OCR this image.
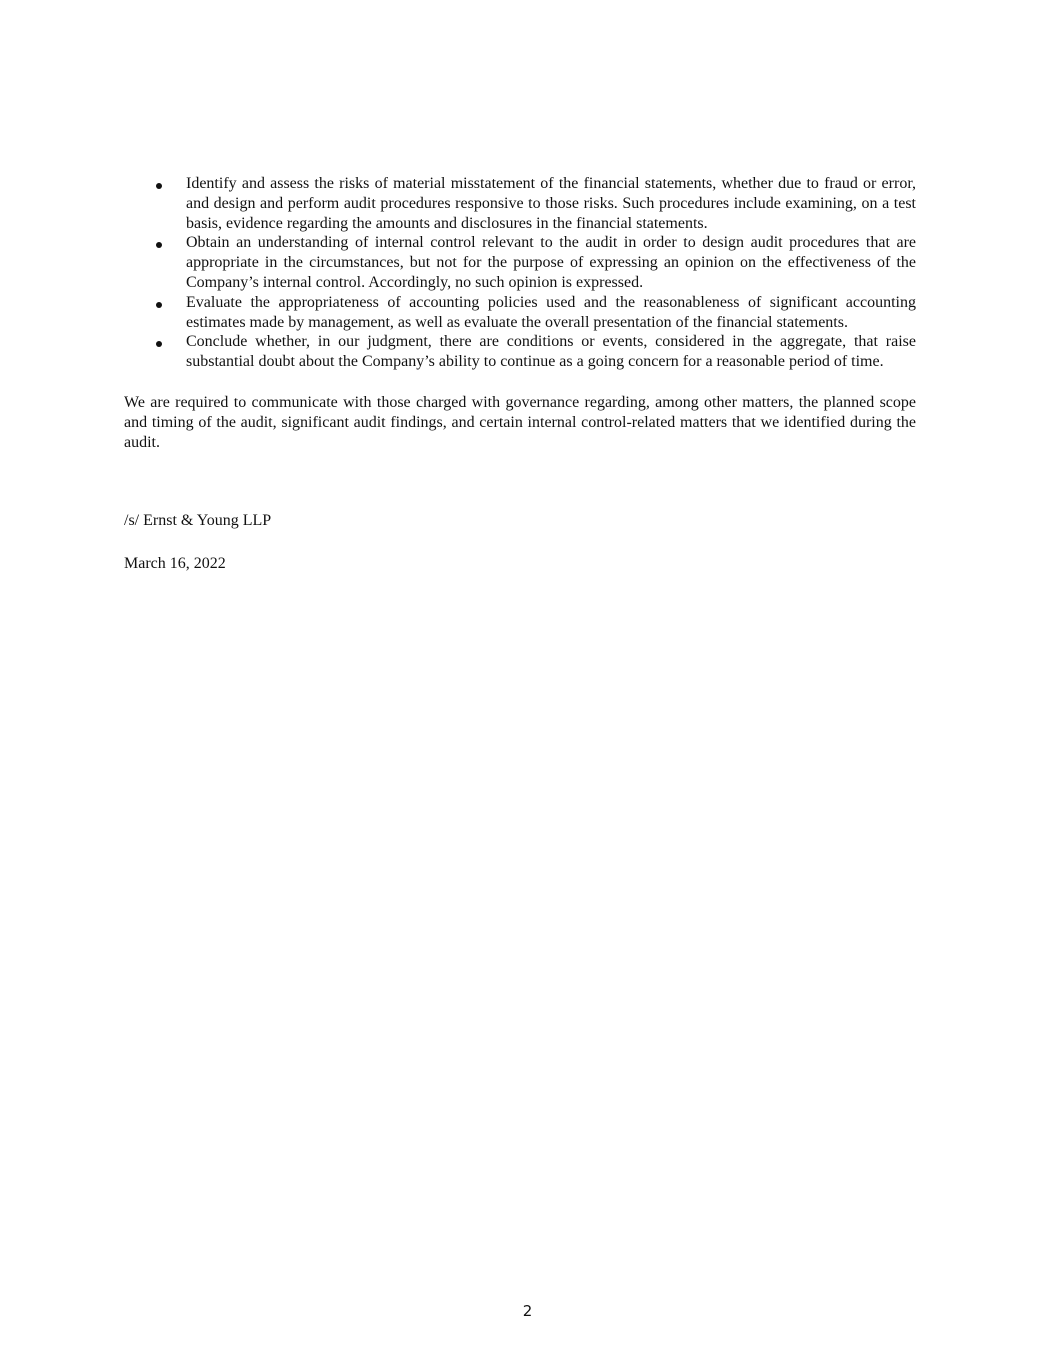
Identify and assess the risks of material misstatement of the financial statements, whether due to fraud or error, and design and perform audit procedures responsive to those risks. Such procedures include examining, on a test basis, evidence regarding the amounts and disclosures in the financial statements.
Obtain an understanding of internal control relevant to the audit in order to design audit procedures that are appropriate in the circumstances, but not for the purpose of expressing an opinion on the effectiveness of the Company’s internal control. Accordingly, no such opinion is expressed.
Evaluate the appropriateness of accounting policies used and the reasonableness of significant accounting estimates made by management, as well as evaluate the overall presentation of the financial statements.
Conclude whether, in our judgment, there are conditions or events, considered in the aggregate, that raise substantial doubt about the Company’s ability to continue as a going concern for a reasonable period of time.

We are required to communicate with those charged with governance regarding, among other matters, the planned scope and timing of the audit, significant audit findings, and certain internal control-related matters that we identified during the audit.

/s/ Ernst & Young LLP

March 16, 2022

2
